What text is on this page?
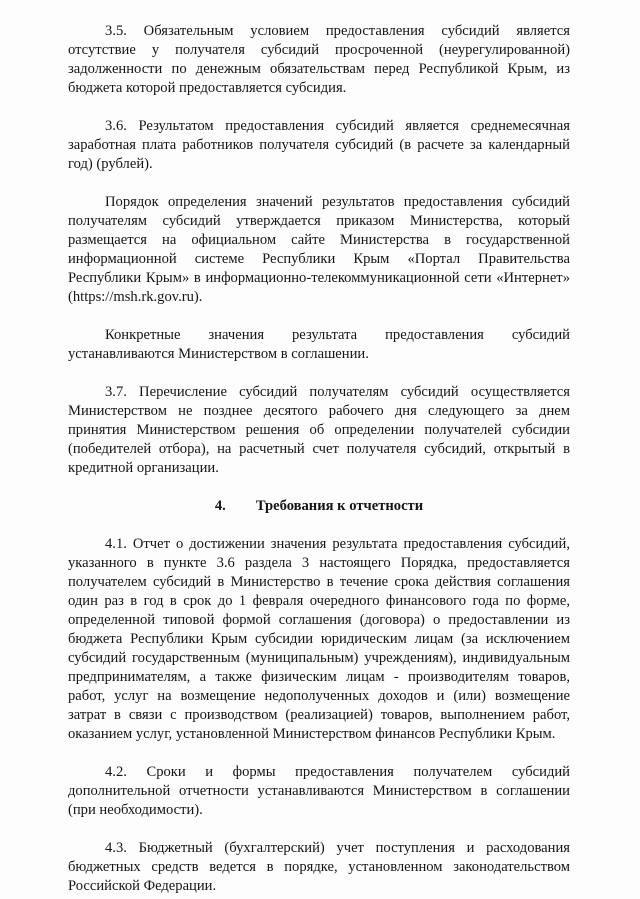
3.5. Обязательным условием предоставления субсидий является отсутствие у получателя субсидий просроченной (неурегулированной) задолженности по денежным обязательствам перед Республикой Крым, из бюджета которой предоставляется субсидия.

3.6. Результатом предоставления субсидий является среднемесячная заработная плата работников получателя субсидий (в расчете за календарный год) (рублей).

Порядок определения значений результатов предоставления субсидий получателям субсидий утверждается приказом Министерства, который размещается на официальном сайте Министерства в государственной информационной системе Республики Крым «Портал Правительства Республики Крым» в информационно-телекоммуникационной сети «Интернет» (https://msh.rk.gov.ru).

Конкретные значения результата предоставления субсидий устанавливаются Министерством в соглашении.

3.7. Перечисление субсидий получателям субсидий осуществляется Министерством не позднее десятого рабочего дня следующего за днем принятия Министерством решения об определении получателей субсидии (победителей отбора), на расчетный счет получателя субсидий, открытый в кредитной организации.

4. Требования к отчетности

4.1. Отчет о достижении значения результата предоставления субсидий, указанного в пункте 3.6 раздела 3 настоящего Порядка, предоставляется получателем субсидий в Министерство в течение срока действия соглашения один раз в год в срок до 1 февраля очередного финансового года по форме, определенной типовой формой соглашения (договора) о предоставлении из бюджета Республики Крым субсидии юридическим лицам (за исключением субсидий государственным (муниципальным) учреждениям), индивидуальным предпринимателям, а также физическим лицам - производителям товаров, работ, услуг на возмещение недополученных доходов и (или) возмещение затрат в связи с производством (реализацией) товаров, выполнением работ, оказанием услуг, установленной Министерством финансов Республики Крым.

4.2. Сроки и формы предоставления получателем субсидий дополнительной отчетности устанавливаются Министерством в соглашении (при необходимости).

4.3. Бюджетный (бухгалтерский) учет поступления и расходования бюджетных средств ведется в порядке, установленном законодательством Российской Федерации.
